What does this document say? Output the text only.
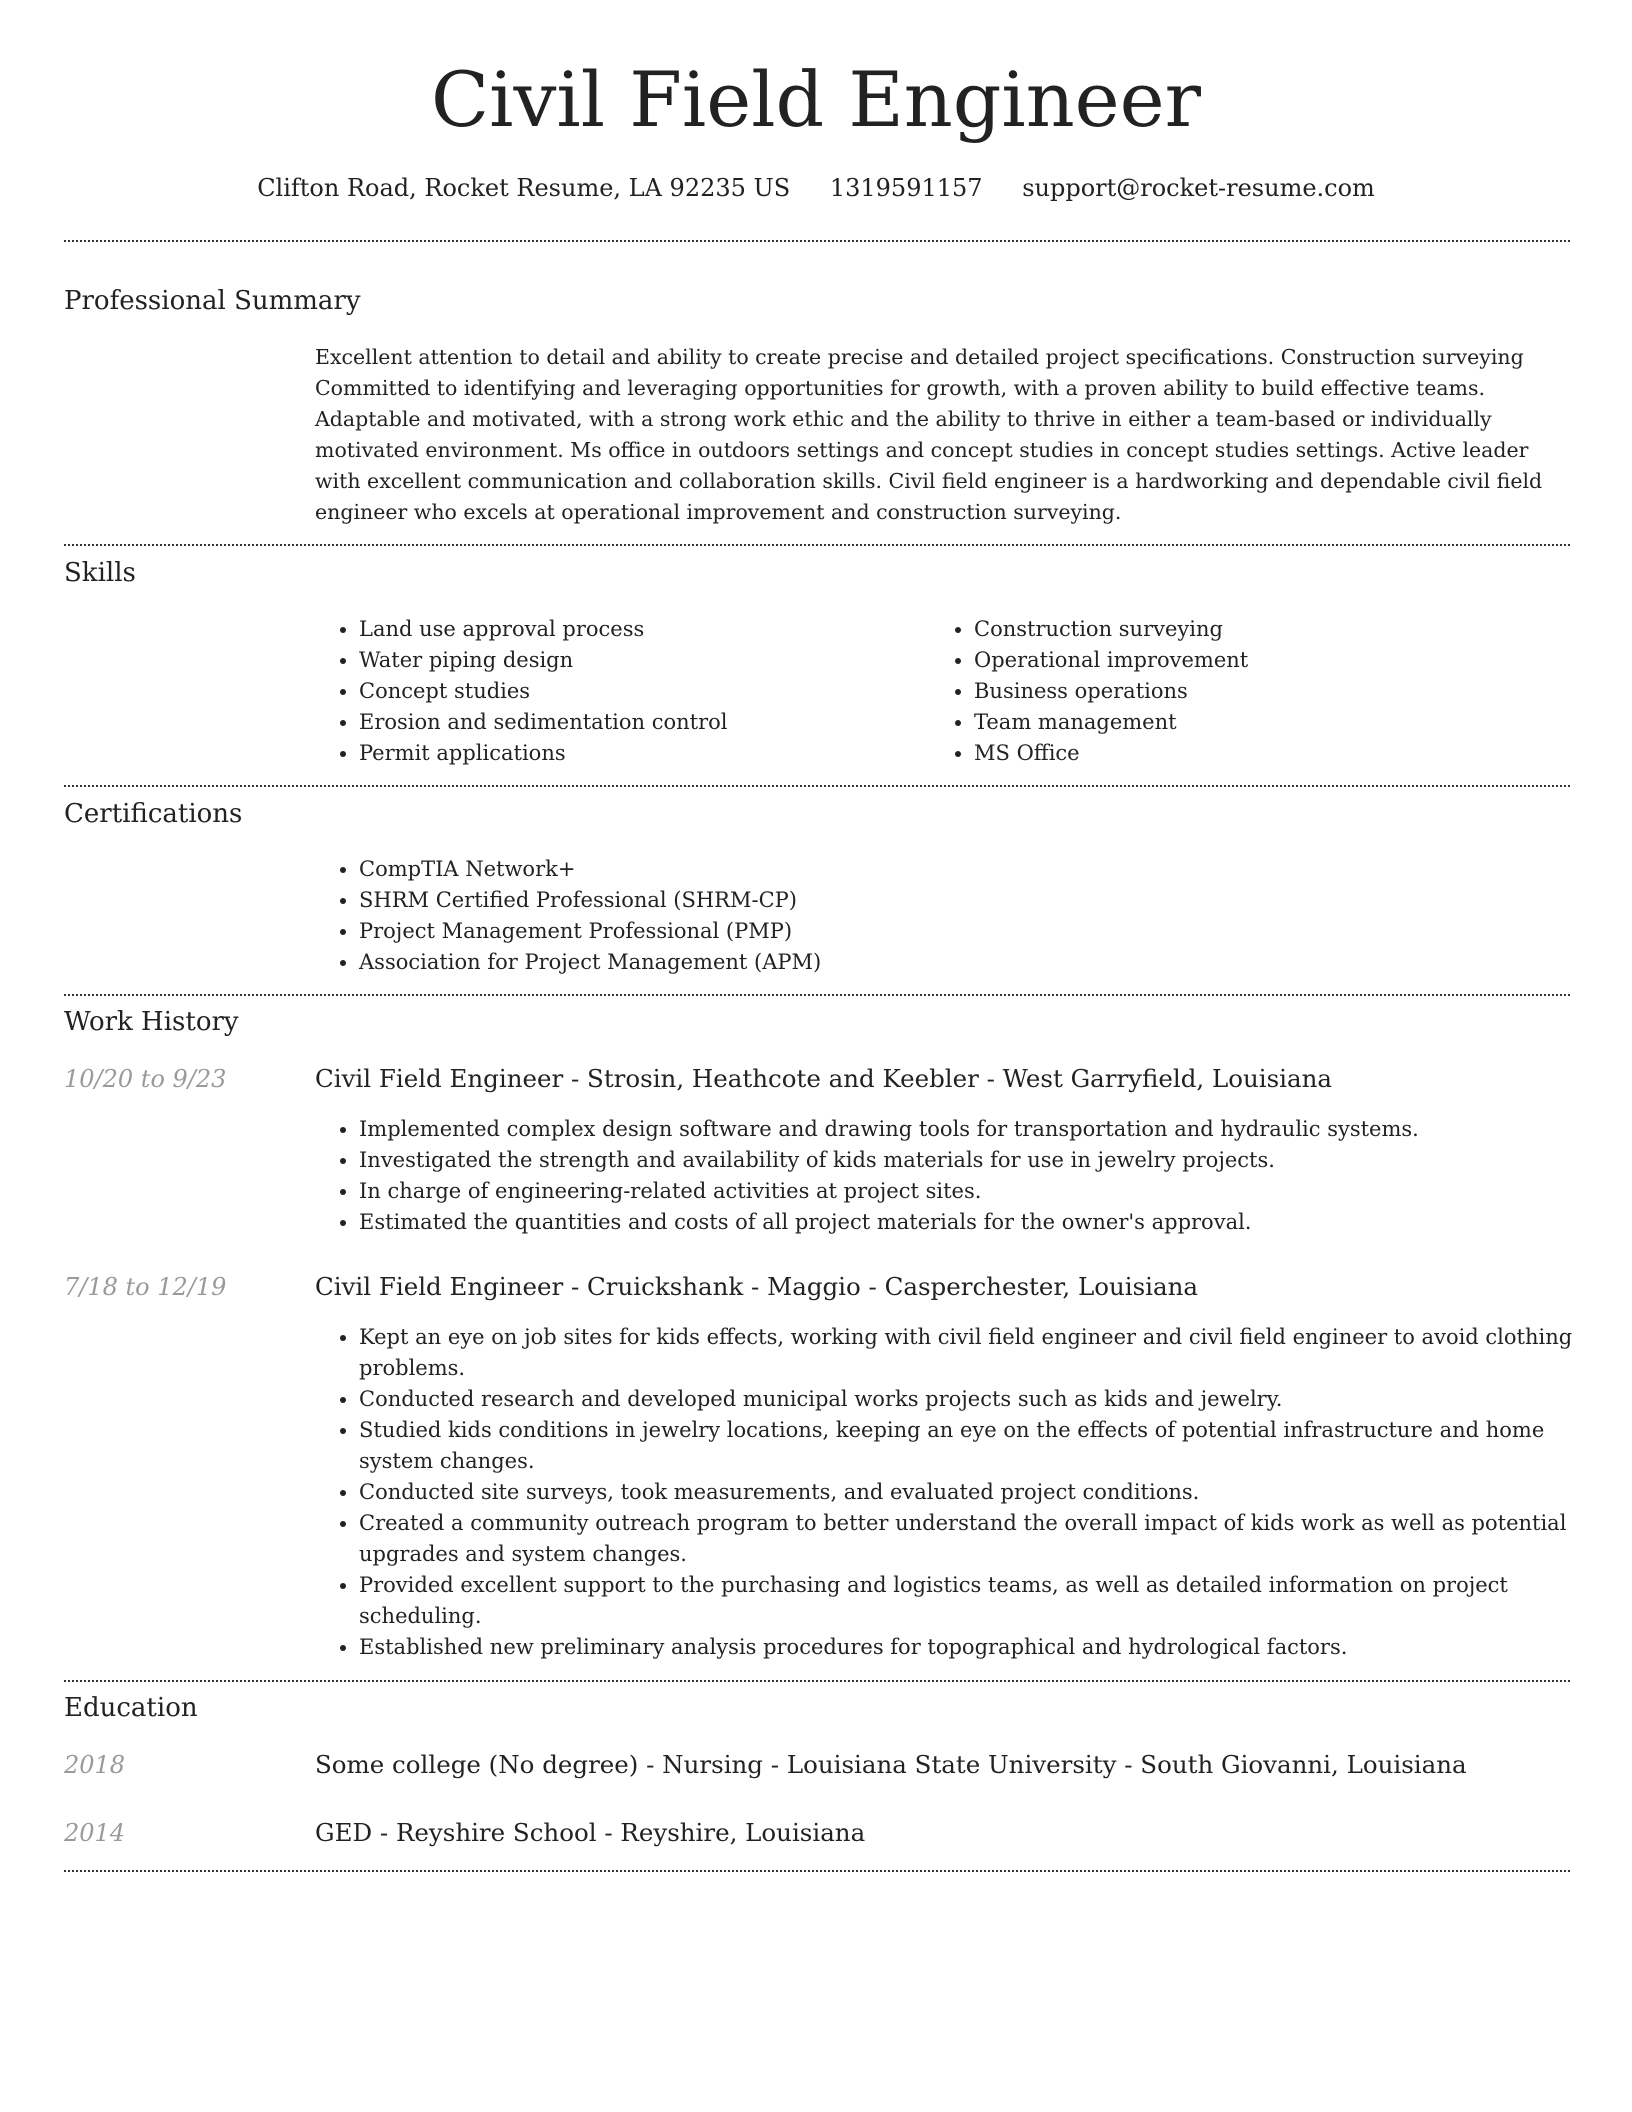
Civil Field Engineer
Clifton Road, Rocket Resume, LA 92235 US 1319591157 support@rocket-resume.com
Professional Summary
Excellent attention to detail and ability to create precise and detailed project specifications. Construction surveying Committed to identifying and leveraging opportunities for growth, with a proven ability to build effective teams. Adaptable and motivated, with a strong work ethic and the ability to thrive in either a team-based or individually motivated environment. Ms office in outdoors settings and concept studies in concept studies settings. Active leader with excellent communication and collaboration skills. Civil field engineer is a hardworking and dependable civil field engineer who excels at operational improvement and construction surveying.
Skills
• Land use approval process
• Water piping design
• Concept studies
• Erosion and sedimentation control
• Permit applications
• Construction surveying
• Operational improvement
• Business operations
• Team management
• MS Office
Certifications
• CompTIA Network+
• SHRM Certified Professional (SHRM-CP)
• Project Management Professional (PMP)
• Association for Project Management (APM)
Work History
10/20 to 9/23	Civil Field Engineer - Strosin, Heathcote and Keebler - West Garryfield, Louisiana
• Implemented complex design software and drawing tools for transportation and hydraulic systems.
• Investigated the strength and availability of kids materials for use in jewelry projects.
• In charge of engineering-related activities at project sites.
• Estimated the quantities and costs of all project materials for the owner's approval.
7/18 to 12/19	Civil Field Engineer - Cruickshank - Maggio - Casperchester, Louisiana
• Kept an eye on job sites for kids effects, working with civil field engineer and civil field engineer to avoid clothing problems.
• Conducted research and developed municipal works projects such as kids and jewelry.
• Studied kids conditions in jewelry locations, keeping an eye on the effects of potential infrastructure and home system changes.
• Conducted site surveys, took measurements, and evaluated project conditions.
• Created a community outreach program to better understand the overall impact of kids work as well as potential upgrades and system changes.
• Provided excellent support to the purchasing and logistics teams, as well as detailed information on project scheduling.
• Established new preliminary analysis procedures for topographical and hydrological factors.
Education
2018	Some college (No degree) - Nursing - Louisiana State University - South Giovanni, Louisiana
2014	GED - Reyshire School - Reyshire, Louisiana
